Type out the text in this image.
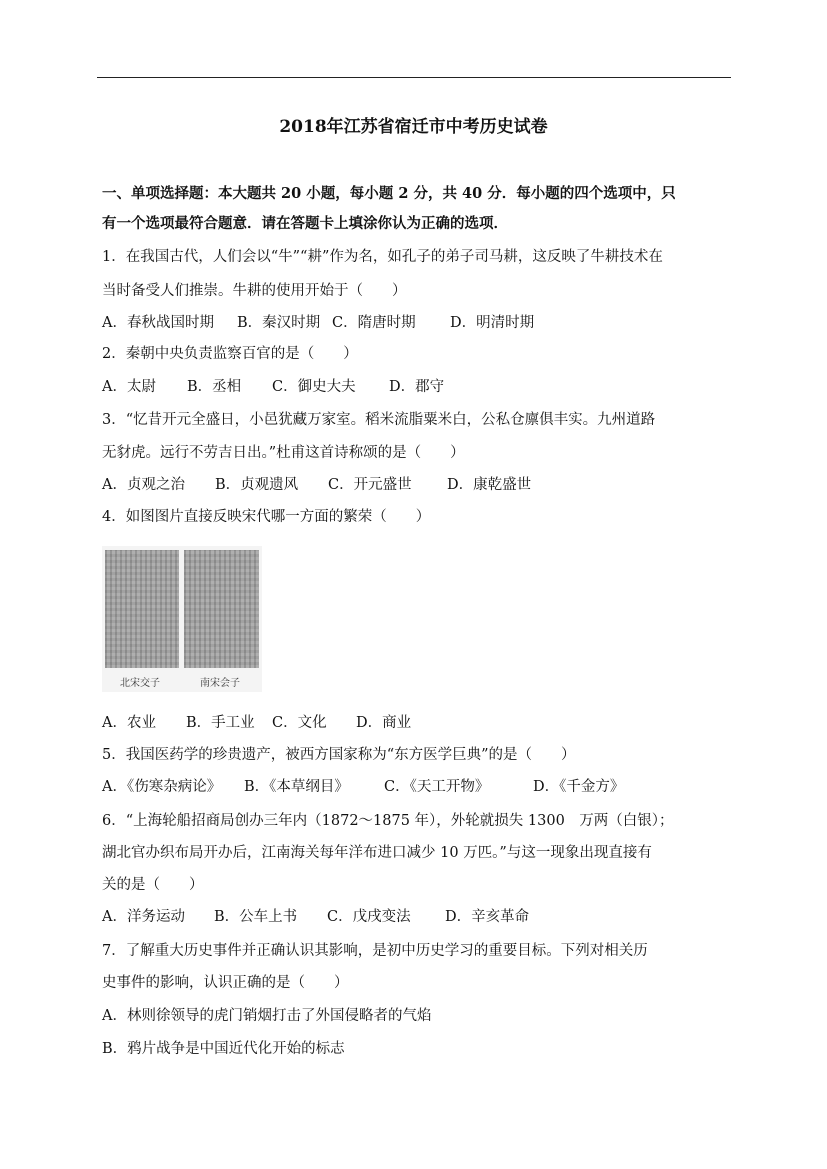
2018年江苏省宿迁市中考历史试卷
一、单项选择题：本大题共 20 小题，每小题 2 分，共 40 分．每小题的四个选项中，只
有一个选项最符合题意．请在答题卡上填涂你认为正确的选项．
1．在我国古代，人们会以“牛”“耕”作为名，如孔子的弟子司马耕，这反映了牛耕技术在
当时备受人们推崇。牛耕的使用开始于（　　）
A．春秋战国时期 B．秦汉时期 C．隋唐时期 D．明清时期
2．秦朝中央负责监察百官的是（　　）
A．太尉 B．丞相 C．御史大夫 D．郡守
3．“忆昔开元全盛日，小邑犹藏万家室。稻米流脂粟米白，公私仓廪俱丰实。九州道路
无豺虎。远行不劳吉日出。”杜甫这首诗称颂的是（　　）
A．贞观之治 B．贞观遗风 C．开元盛世 D．康乾盛世
4．如图图片直接反映宋代哪一方面的繁荣（　　）
北宋交子	南宋会子
A．农业 B．手工业 C．文化 D．商业
5．我国医药学的珍贵遗产，被西方国家称为“东方医学巨典”的是（　　）
A．《伤寒杂病论》 B．《本草纲目》 C．《天工开物》	D．《千金方》
6．“上海轮船招商局创办三年内（1872～1875 年），外轮就损失 1300　万两（白银）；
湖北官办织布局开办后，江南海关每年洋布进口减少 10 万匹。”与这一现象出现直接有
关的是（　　）
A．洋务运动 B．公车上书 C．戊戌变法 D．辛亥革命
7．了解重大历史事件并正确认识其影响，是初中历史学习的重要目标。下列对相关历
史事件的影响，认识正确的是（　　）
A．林则徐领导的虎门销烟打击了外国侵略者的气焰
B．鸦片战争是中国近代化开始的标志
